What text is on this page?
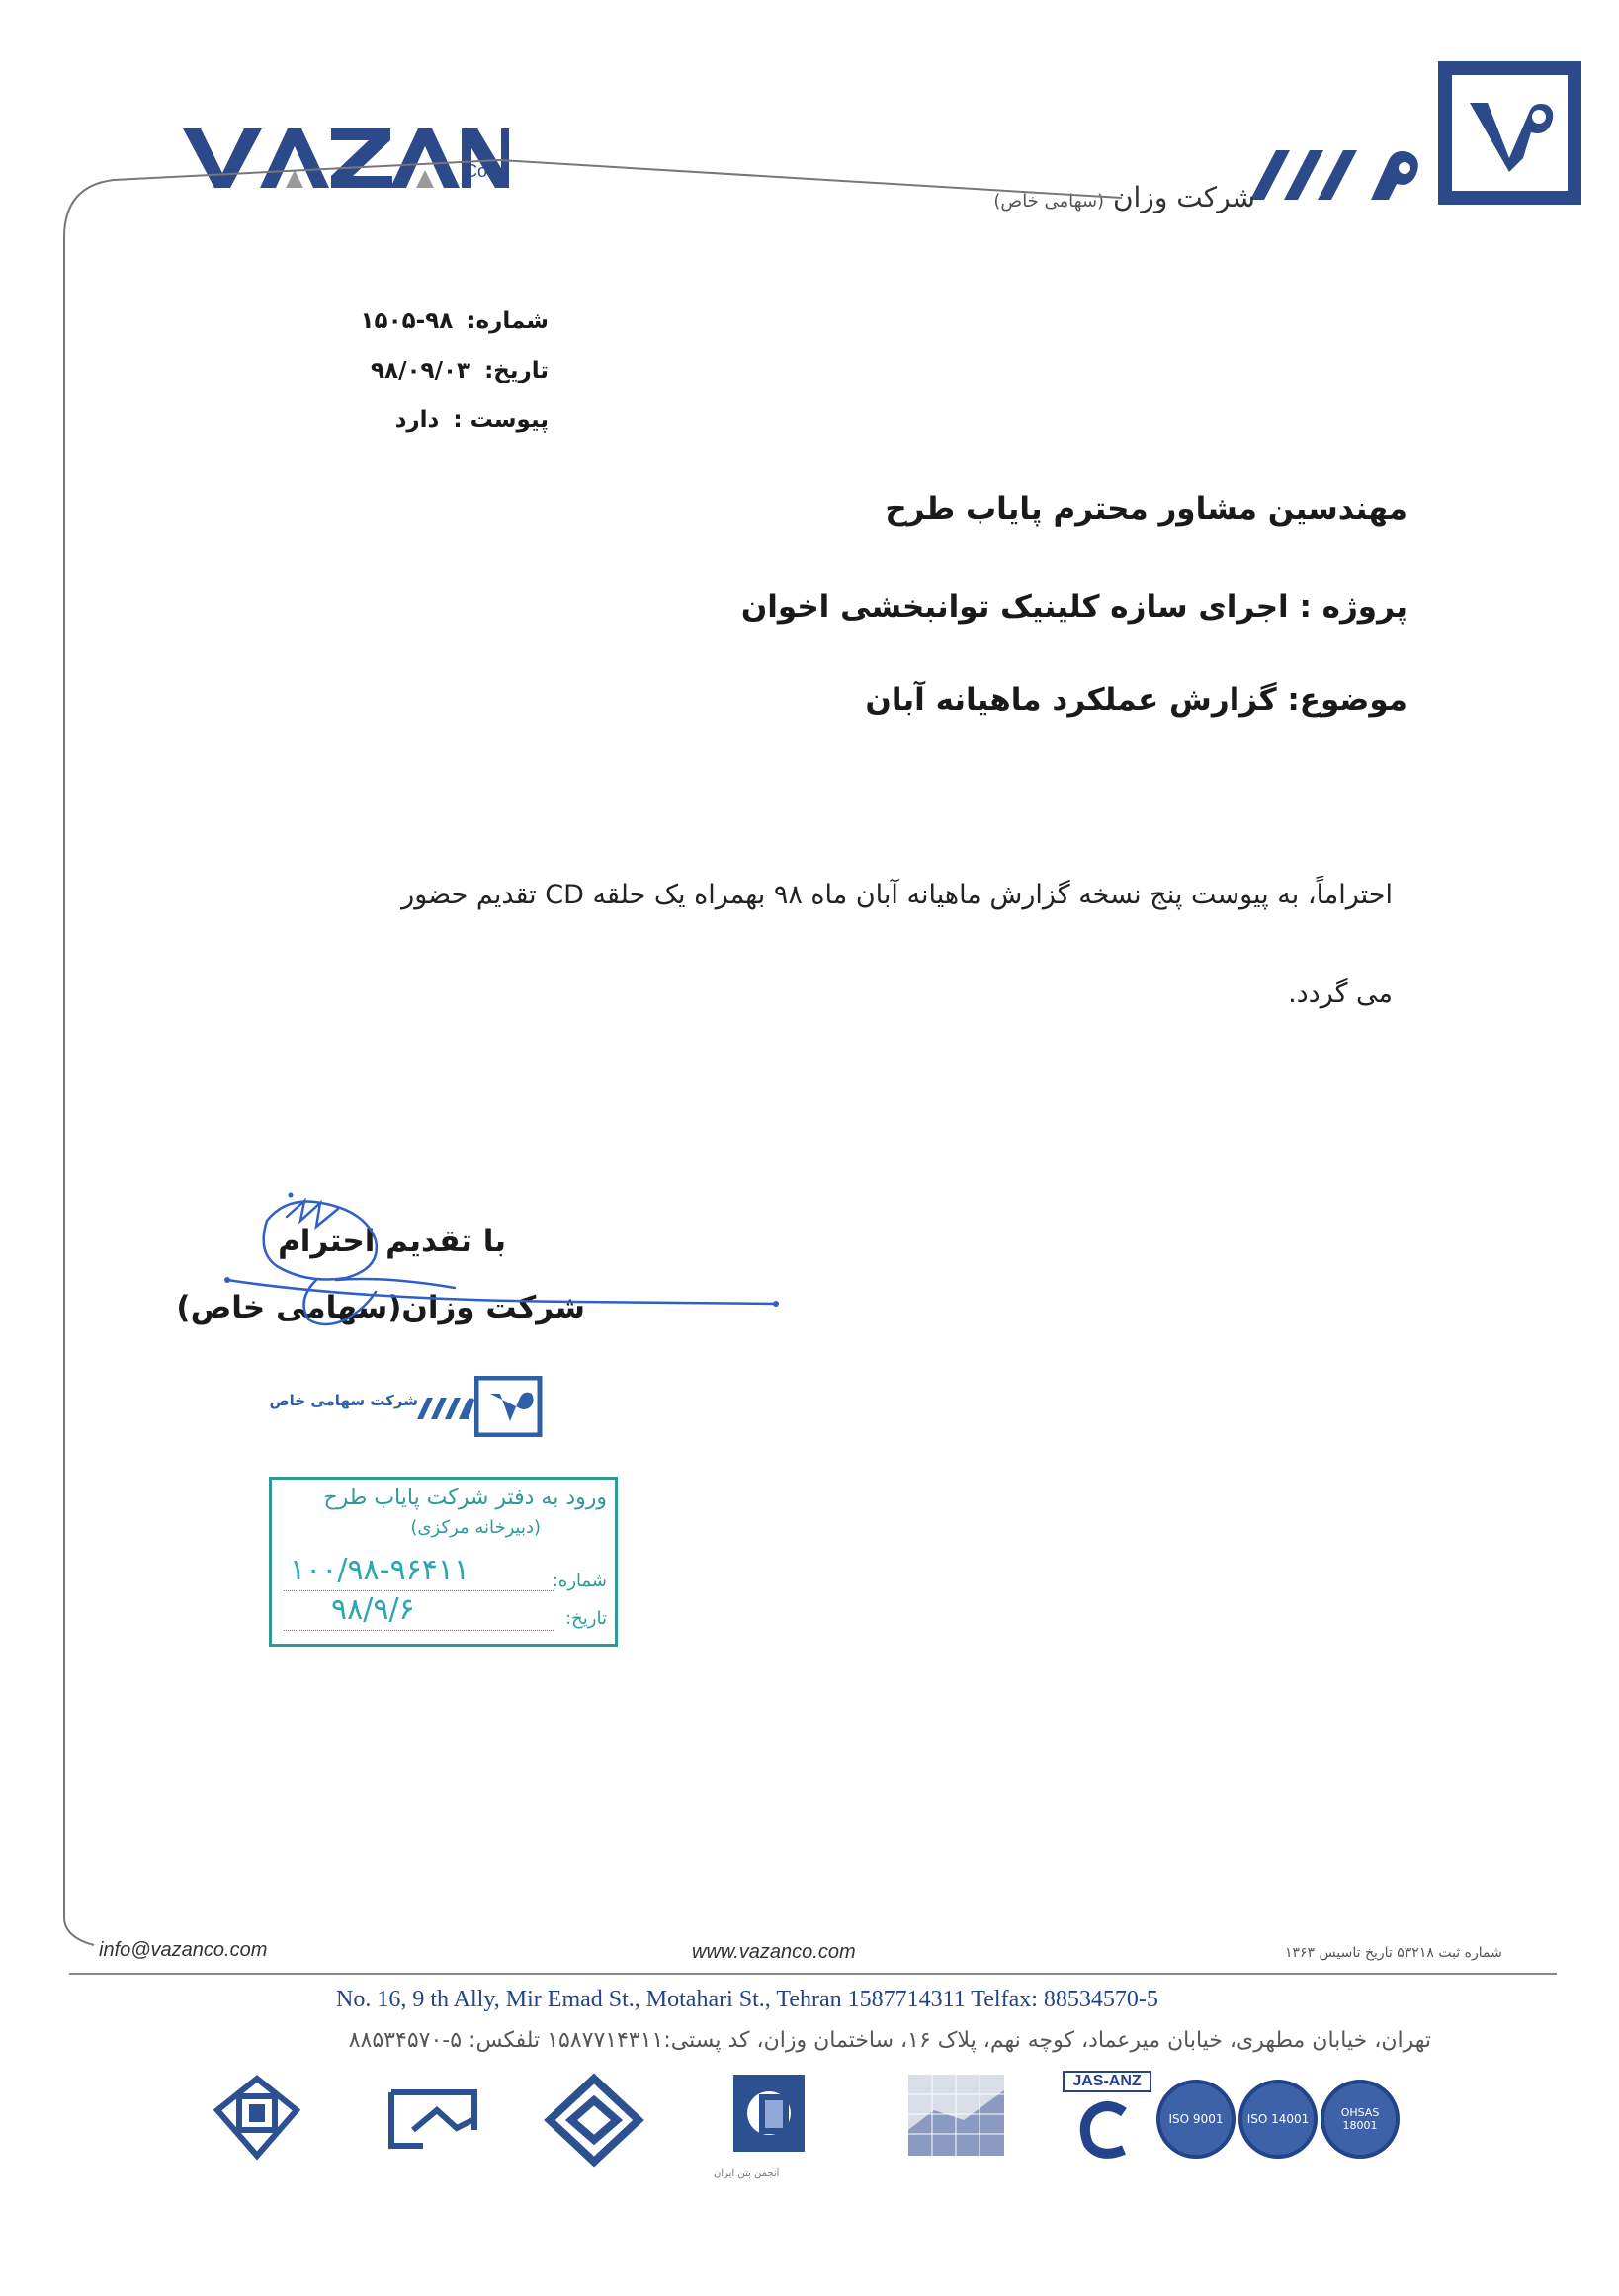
Co.
شرکت وزان (سهامی خاص)
شماره: ۹۸-۱۵۰۵
تاریخ: ۹۸/۰۹/۰۳
پیوست : دارد
مهندسین مشاور محترم پایاب طرح
پروژه : اجرای سازه کلینیک توانبخشی اخوان
موضوع: گزارش عملکرد ماهیانه آبان
احتراماً، به پیوست پنج نسخه گزارش ماهیانه آبان ماه ۹۸ بهمراه یک حلقه CD تقدیم حضور
می گردد.
با تقدیم احترام
شرکت وزان(سهامی خاص)
شرکت سهامی خاص
ورود به دفتر شرکت پایاب طرح
(دبیرخانه مرکزی)
شماره:
۱۰۰/۹۸-۹۶۴۱۱
تاریخ:
۹۸/۹/۶
info@vazanco.com	www.vazanco.com	شماره ثبت ۵۳۲۱۸ تاریخ تاسیس ۱۳۶۳
No. 16, 9 th Ally, Mir Emad St., Motahari St., Tehran 1587714311 Telfax: 88534570-5
تهران، خیابان مطهری، خیابان میرعماد، کوچه نهم، پلاک ۱۶، ساختمان وزان، کد پستی:۱۵۸۷۷۱۴۳۱۱ تلفکس: ۵-۸۸۵۳۴۵۷۰
انجمن بتن ایران
JAS-ANZ
ISO 9001 ISO 14001	OHSAS 18001
